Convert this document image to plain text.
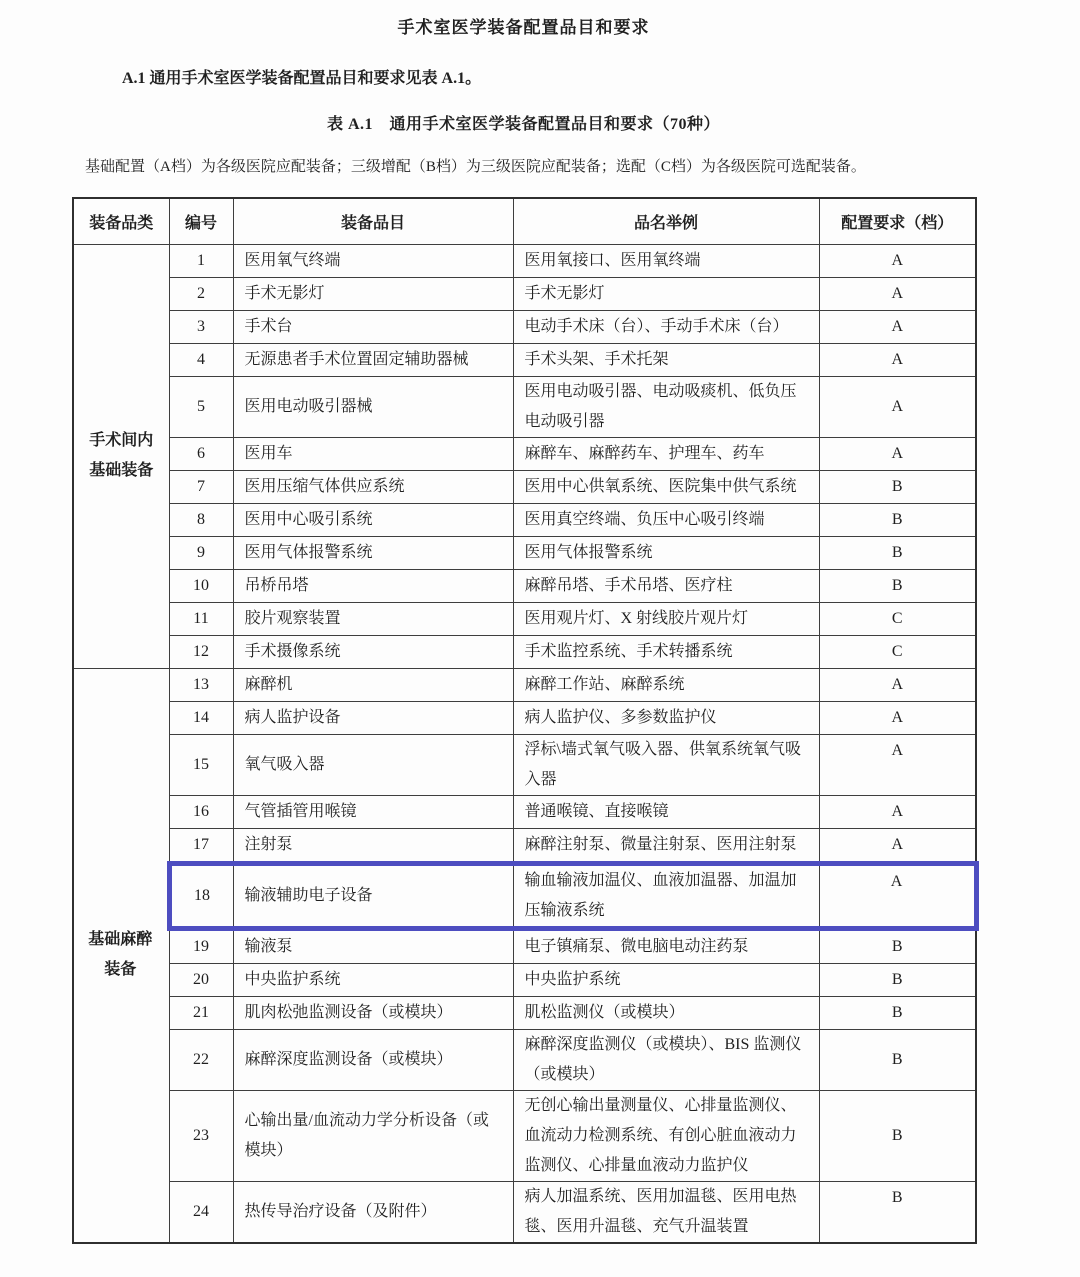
手术室医学装备配置品目和要求

A.1 通用手术室医学装备配置品目和要求见表 A.1。

表 A.1　通用手术室医学装备配置品目和要求（70种）

基础配置（A档）为各级医院应配装备；三级增配（B档）为三级医院应配装备；选配（C档）为各级医院可选配装备。

装备品类	编号	装备品目	品名举例	配置要求（档）
手术间内基础装备	1	医用氧气终端	医用氧接口、医用氧终端	A
	2	手术无影灯	手术无影灯	A
	3	手术台	电动手术床（台）、手动手术床（台）	A
	4	无源患者手术位置固定辅助器械	手术头架、手术托架	A
	5	医用电动吸引器械	医用电动吸引器、电动吸痰机、低负压电动吸引器	A
	6	医用车	麻醉车、麻醉药车、护理车、药车	A
	7	医用压缩气体供应系统	医用中心供氧系统、医院集中供气系统	B
	8	医用中心吸引系统	医用真空终端、负压中心吸引终端	B
	9	医用气体报警系统	医用气体报警系统	B
	10	吊桥吊塔	麻醉吊塔、手术吊塔、医疗柱	B
	11	胶片观察装置	医用观片灯、X 射线胶片观片灯	C
	12	手术摄像系统	手术监控系统、手术转播系统	C
基础麻醉装备	13	麻醉机	麻醉工作站、麻醉系统	A
	14	病人监护设备	病人监护仪、多参数监护仪	A
	15	氧气吸入器	浮标\墙式氧气吸入器、供氧系统氧气吸入器	A
	16	气管插管用喉镜	普通喉镜、直接喉镜	A
	17	注射泵	麻醉注射泵、微量注射泵、医用注射泵	A
	18	输液辅助电子设备	输血输液加温仪、血液加温器、加温加压输液系统	A
	19	输液泵	电子镇痛泵、微电脑电动注药泵	B
	20	中央监护系统	中央监护系统	B
	21	肌肉松弛监测设备（或模块）	肌松监测仪（或模块）	B
	22	麻醉深度监测设备（或模块）	麻醉深度监测仪（或模块）、BIS 监测仪（或模块）	B
	23	心输出量/血流动力学分析设备（或模块）	无创心输出量测量仪、心排量监测仪、血流动力检测系统、有创心脏血液动力监测仪、心排量血液动力监护仪	B
	24	热传导治疗设备（及附件）	病人加温系统、医用加温毯、医用电热毯、医用升温毯、充气升温装置	B
